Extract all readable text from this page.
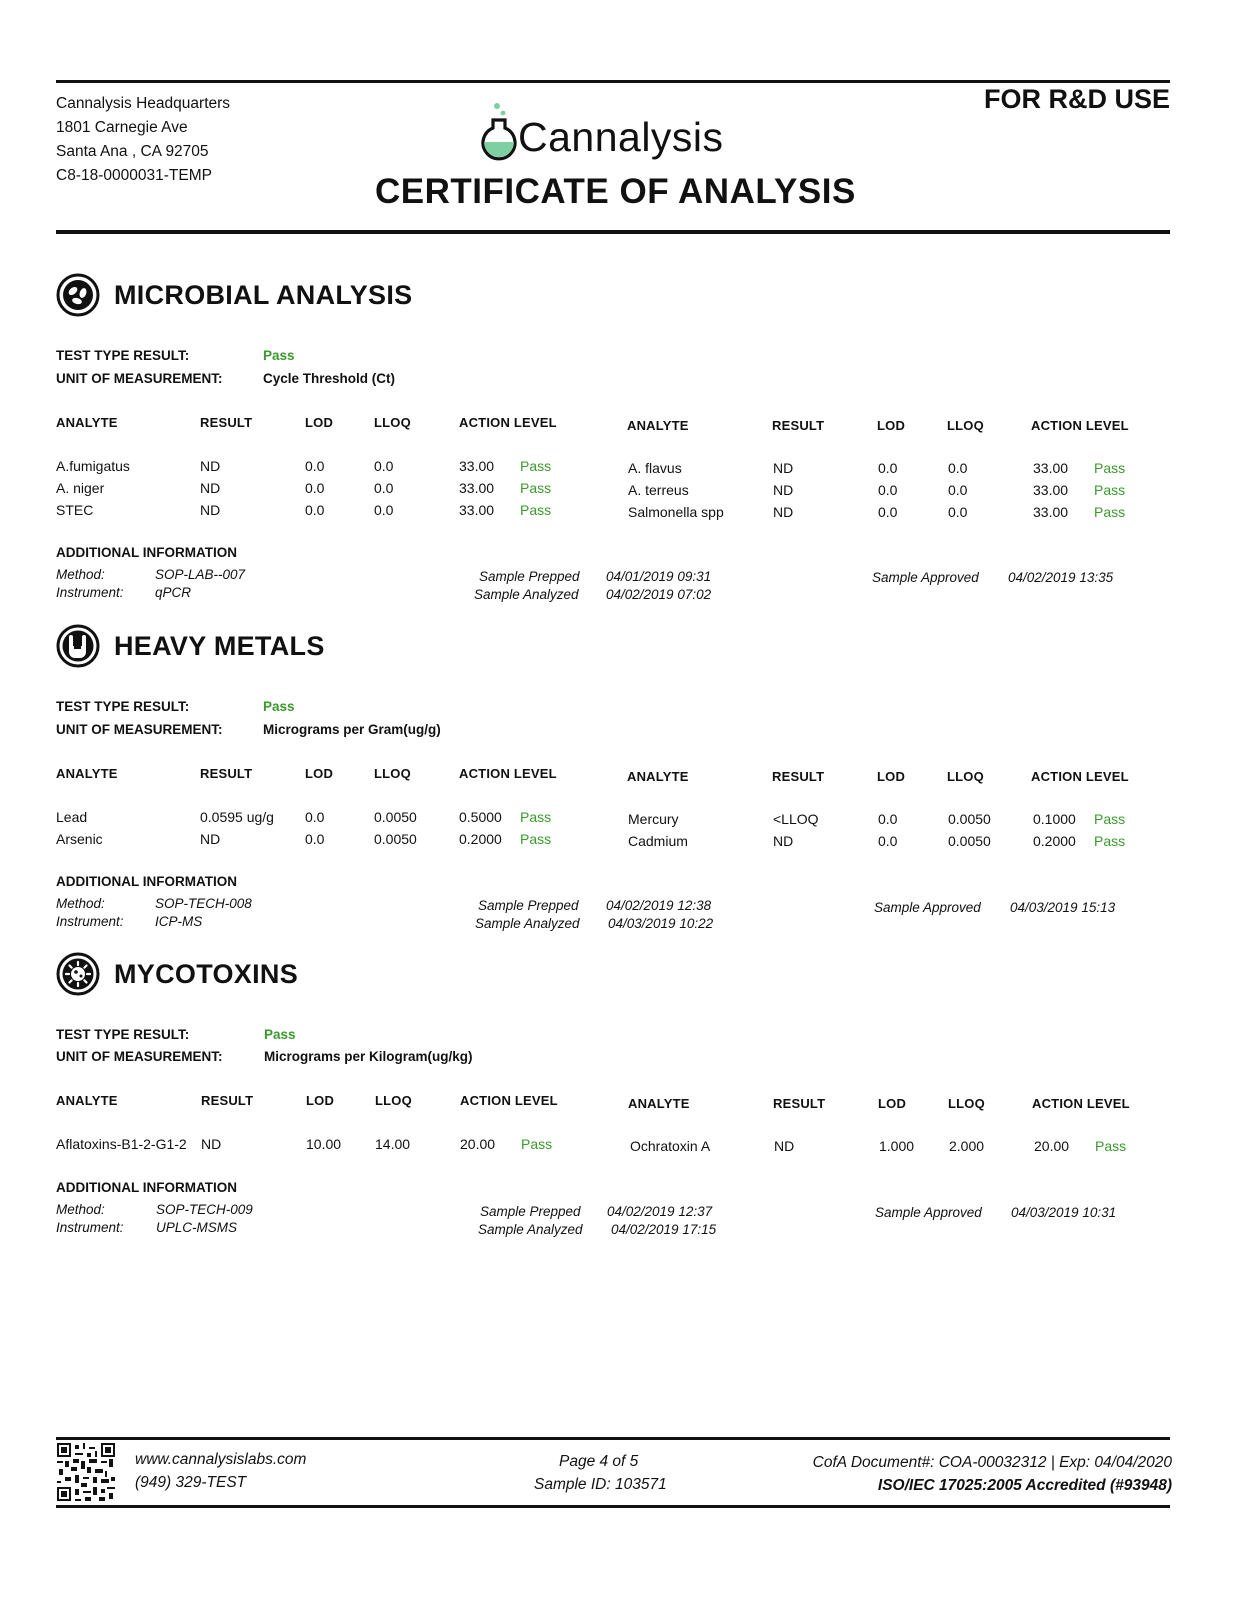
Cannalysis Headquarters
1801 Carnegie Ave
Santa Ana , CA 92705
C8-18-0000031-TEMP
Cannalysis
CERTIFICATE OF ANALYSIS
FOR R&D USE
MICROBIAL ANALYSIS
TEST TYPE RESULT:	Pass
UNIT OF MEASUREMENT:	Cycle Threshold (Ct)
ANALYTE	RESULT	LOD	LLOQ	ACTION LEVEL
A.fumigatus	ND	0.0	0.0	33.00 Pass
A. niger	ND	0.0	0.0	33.00 Pass
STEC	ND	0.0	0.0	33.00 Pass
ANALYTE	RESULT	LOD	LLOQ	ACTION LEVEL
A. flavus	ND	0.0	0.0	33.00 Pass
A. terreus	ND	0.0	0.0	33.00 Pass
Salmonella spp	ND	0.0	0.0	33.00 Pass
ADDITIONAL INFORMATION
Method:	SOP-LAB--007
Instrument: qPCR
Sample Prepped 04/01/2019 09:31
Sample Analyzed 04/02/2019 07:02
Sample Approved 04/02/2019 13:35
HEAVY METALS
TEST TYPE RESULT:	Pass
UNIT OF MEASUREMENT:	Micrograms per Gram(ug/g)
ANALYTE	RESULT	LOD	LLOQ	ACTION LEVEL
Lead	0.0595 ug/g 0.0	0.0050	0.5000 Pass
Arsenic	ND	0.0	0.0050	0.2000 Pass
ANALYTE	RESULT	LOD	LLOQ	ACTION LEVEL
Mercury	<LLOQ	0.0	0.0050	0.1000 Pass
Cadmium	ND	0.0	0.0050	0.2000 Pass
ADDITIONAL INFORMATION
Method:	SOP-TECH-008
Instrument: ICP-MS
Sample Prepped 04/02/2019 12:38
Sample Analyzed 04/03/2019 10:22
Sample Approved 04/03/2019 15:13
MYCOTOXINS
TEST TYPE RESULT:	Pass
UNIT OF MEASUREMENT:	Micrograms per Kilogram(ug/kg)
ANALYTE	RESULT	LOD	LLOQ	ACTION LEVEL
Aflatoxins-B1-2-G1-2 ND	10.00 14.00	20.00 Pass
ANALYTE	RESULT	LOD	LLOQ	ACTION LEVEL
Ochratoxin A	ND	1.000 2.000	20.00 Pass
ADDITIONAL INFORMATION
Method:	SOP-TECH-009
Instrument: UPLC-MSMS
Sample Prepped 04/02/2019 12:37
Sample Analyzed 04/02/2019 17:15
Sample Approved 04/03/2019 10:31
www.cannalysislabs.com
(949) 329-TEST
Page 4 of 5
Sample ID: 103571
CofA Document#: COA-00032312 | Exp: 04/04/2020
ISO/IEC 17025:2005 Accredited (#93948)
